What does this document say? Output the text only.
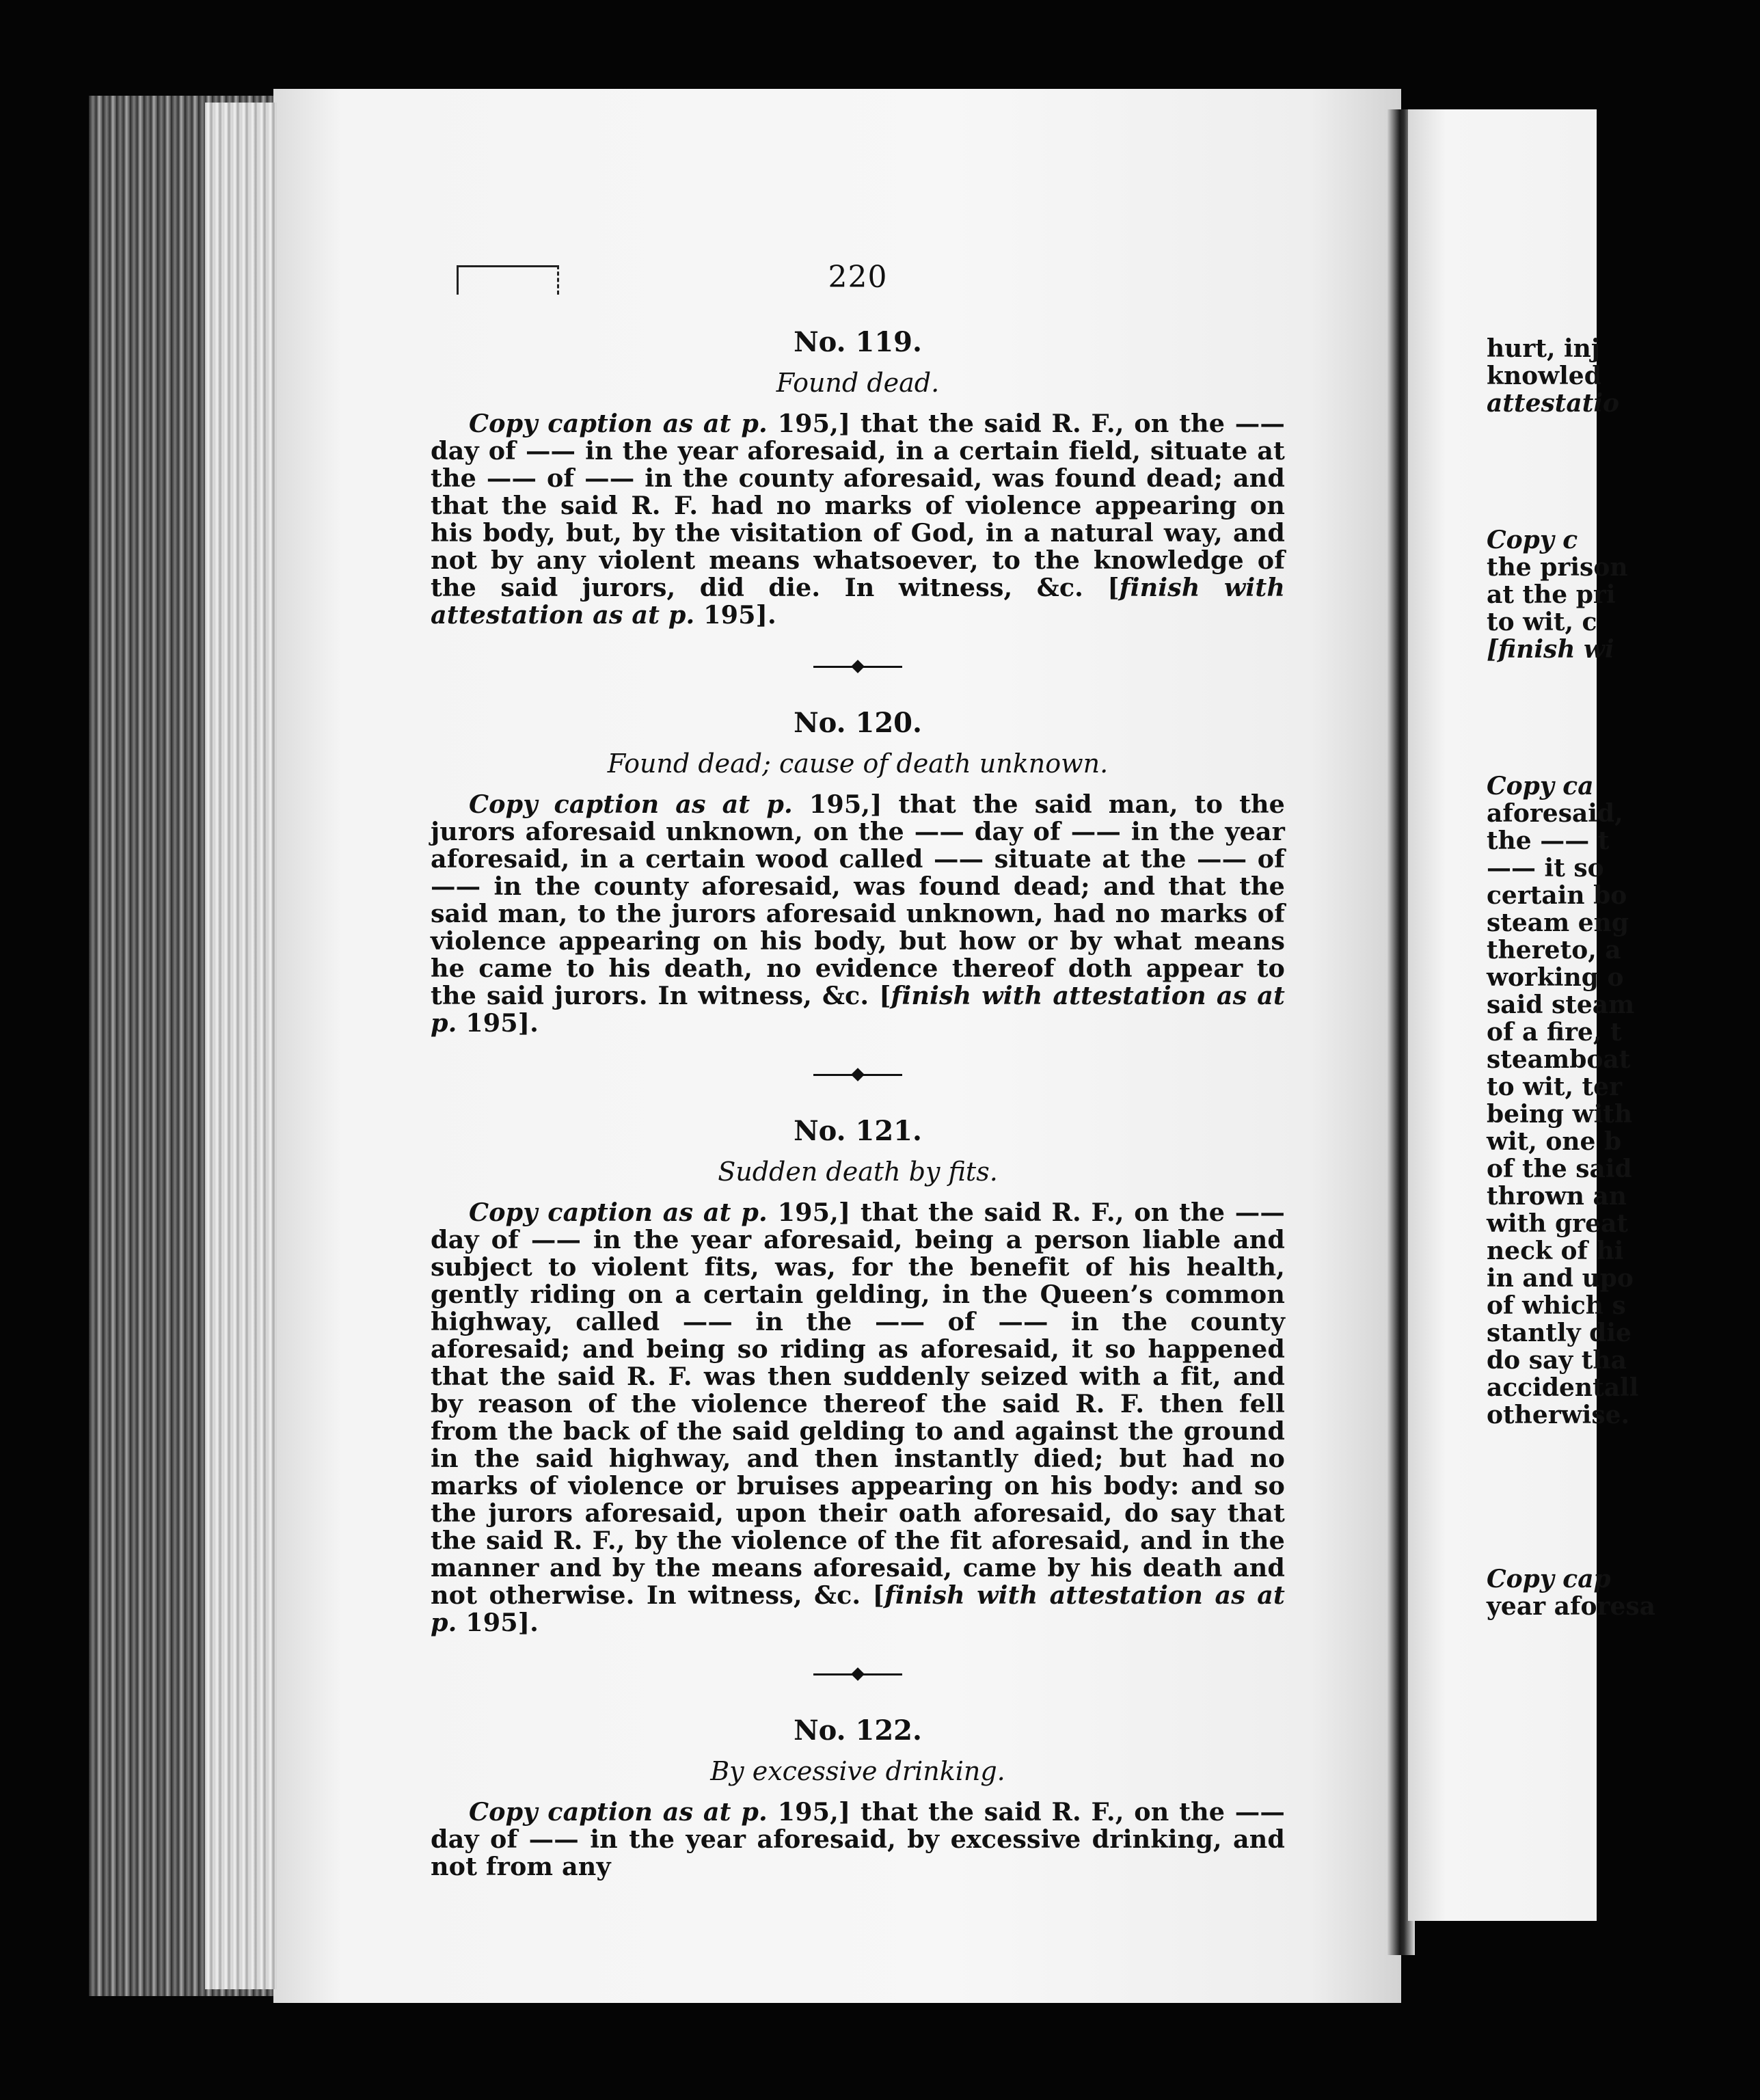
220
No. 119.
Found dead.

Copy caption as at p. 195,] that the said R. F., on the —— day of —— in the year aforesaid, in a certain field, situate at the —— of —— in the county aforesaid, was found dead; and that the said R. F. had no marks of violence appearing on his body, but, by the visitation of God, in a natural way, and not by any violent means whatsoever, to the knowledge of the said jurors, did die. In witness, &c. [finish with attestation as at p. 195].

No. 120.
Found dead; cause of death unknown.

Copy caption as at p. 195,] that the said man, to the jurors aforesaid unknown, on the —— day of —— in the year aforesaid, in a certain wood called —— situate at the —— of —— in the county aforesaid, was found dead; and that the said man, to the jurors aforesaid unknown, had no marks of violence appearing on his body, but how or by what means he came to his death, no evidence thereof doth appear to the said jurors. In witness, &c. [finish with attestation as at p. 195].

No. 121.
Sudden death by fits.

Copy caption as at p. 195,] that the said R. F., on the —— day of —— in the year aforesaid, being a person liable and subject to violent fits, was, for the benefit of his health, gently riding on a certain gelding, in the Queen’s common highway, called —— in the —— of —— in the county aforesaid; and being so riding as aforesaid, it so happened that the said R. F. was then suddenly seized with a fit, and by reason of the violence thereof the said R. F. then fell from the back of the said gelding to and against the ground in the said highway, and then instantly died; but had no marks of violence or bruises appearing on his body: and so the jurors aforesaid, upon their oath aforesaid, do say that the said R. F., by the violence of the fit aforesaid, and in the manner and by the means aforesaid, came by his death and not otherwise. In witness, &c. [finish with attestation as at p. 195].

No. 122.
By excessive drinking.

Copy caption as at p. 195,] that the said R. F., on the —— day of —— in the year aforesaid, by excessive drinking, and not from any

hurt, inj
knowled
attestatio
Copy c
the prison
at the pri
to wit, c
[finish wi
Copy ca
aforesaid,
the —— t
—— it so
certain bo
steam eng
thereto, a
working o
said steam
of a fire, t
steamboat
to wit, ter
being with
wit, one b
of the said
thrown an
with great
neck of hi
in and upo
of which s
stantly die
do say tha
accidentall
otherwise.
Copy cap
year aforesa
